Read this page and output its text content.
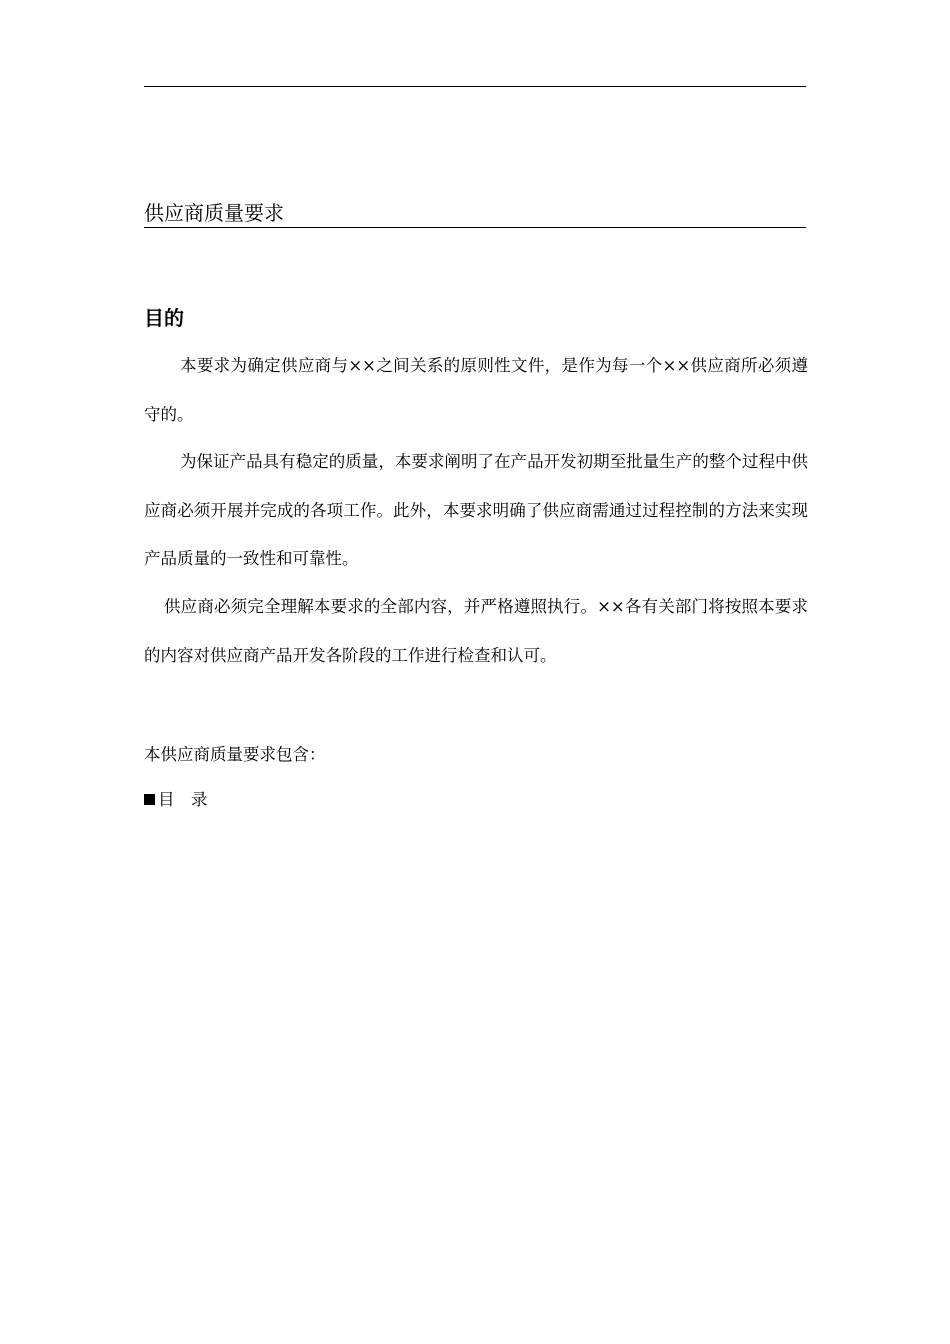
供应商质量要求
目的
本要求为确定供应商与××之间关系的原则性文件，是作为每一个××供应商所必须遵守的。
为保证产品具有稳定的质量，本要求阐明了在产品开发初期至批量生产的整个过程中供应商必须开展并完成的各项工作。此外，本要求明确了供应商需通过过程控制的方法来实现产品质量的一致性和可靠性。
供应商必须完全理解本要求的全部内容，并严格遵照执行。××各有关部门将按照本要求的内容对供应商产品开发各阶段的工作进行检查和认可。
本供应商质量要求包含：
目　录
